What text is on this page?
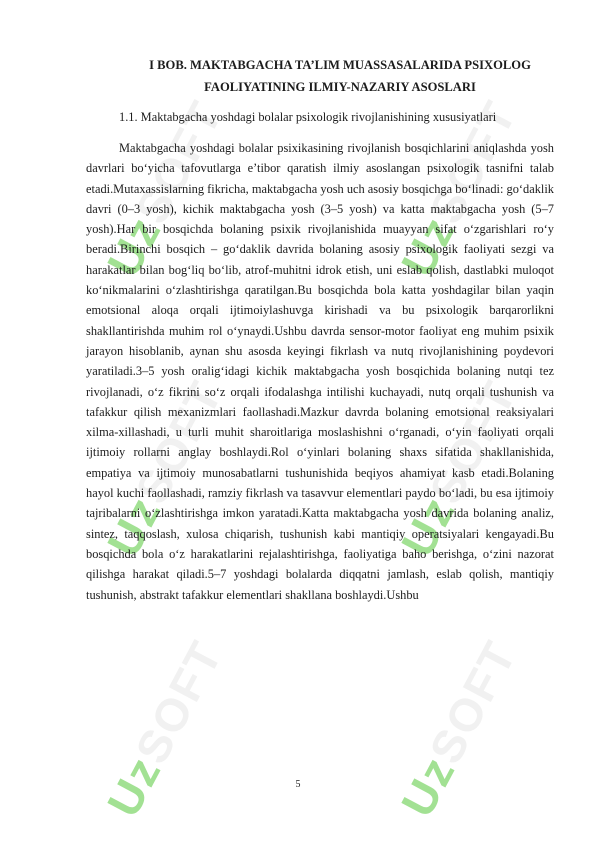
UzSOFT
UzSOFT
UzSOFT
UzSOFT
UzSOFT
UzSOFT
I BOB. MAKTABGACHA TA’LIM MUASSASALARIDA PSIXOLOG FAOLIYATINING ILMIY-NAZARIY ASOSLARI

1.1. Maktabgacha yoshdagi bolalar psixologik rivojlanishining xususiyatlari

Maktabgacha yoshdagi bolalar psixikasining rivojlanish bosqichlarini aniqlashda yosh davrlari bo‘yicha tafovutlarga e’tibor qaratish ilmiy asoslangan psixologik tasnifni talab etadi.Mutaxassislarning fikricha, maktabgacha yosh uch asosiy bosqichga bo‘linadi: go‘daklik davri (0–3 yosh), kichik maktabgacha yosh (3–5 yosh) va katta maktabgacha yosh (5–7 yosh).Har bir bosqichda bolaning psixik rivojlanishida muayyan sifat o‘zgarishlari ro‘y beradi.Birinchi bosqich – go‘daklik davrida bolaning asosiy psixologik faoliyati sezgi va harakatlar bilan bog‘liq bo‘lib, atrof-muhitni idrok etish, uni eslab qolish, dastlabki muloqot ko‘nikmalarini o‘zlashtirishga qaratilgan.Bu bosqichda bola katta yoshdagilar bilan yaqin emotsional aloqa orqali ijtimoiylashuvga kirishadi va bu psixologik barqarorlikni shakllantirishda muhim rol o‘ynaydi.Ushbu davrda sensor-motor faoliyat eng muhim psixik jarayon hisoblanib, aynan shu asosda keyingi fikrlash va nutq rivojlanishining poydevori yaratiladi.3–5 yosh oralig‘idagi kichik maktabgacha yosh bosqichida bolaning nutqi tez rivojlanadi, o‘z fikrini so‘z orqali ifodalashga intilishi kuchayadi, nutq orqali tushunish va tafakkur qilish mexanizmlari faollashadi.Mazkur davrda bolaning emotsional reaksiyalari xilma-xillashadi, u turli muhit sharoitlariga moslashishni o‘rganadi, o‘yin faoliyati orqali ijtimoiy rollarni anglay boshlaydi.Rol o‘yinlari bolaning shaxs sifatida shakllanishida, empatiya va ijtimoiy munosabatlarni tushunishida beqiyos ahamiyat kasb etadi.Bolaning hayol kuchi faollashadi, ramziy fikrlash va tasavvur elementlari paydo bo‘ladi, bu esa ijtimoiy tajribalarni o‘zlashtirishga imkon yaratadi.Katta maktabgacha yosh davrida bolaning analiz, sintez, taqqoslash, xulosa chiqarish, tushunish kabi mantiqiy operatsiyalari kengayadi.Bu bosqichda bola o‘z harakatlarini rejalashtirishga, faoliyatiga baho berishga, o‘zini nazorat qilishga harakat qiladi.5–7 yoshdagi bolalarda diqqatni jamlash, eslab qolish, mantiqiy tushunish, abstrakt tafakkur elementlari shakllana boshlaydi.Ushbu

5
